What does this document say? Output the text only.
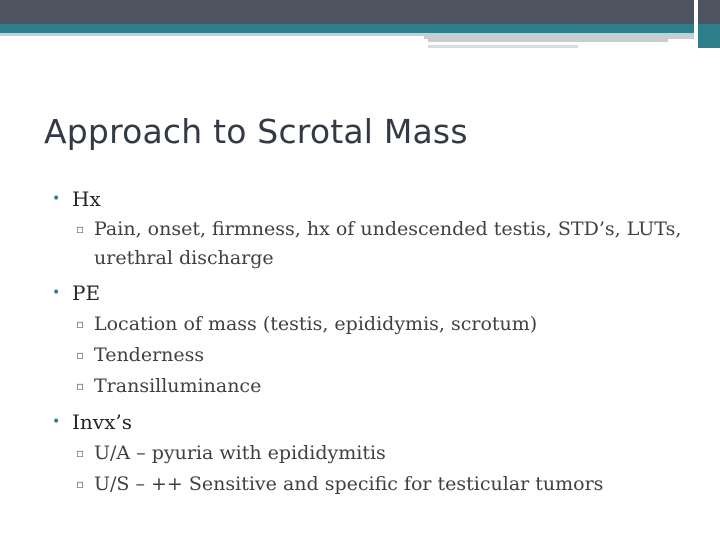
Approach to Scrotal Mass
• Hx
▫ Pain, onset, firmness, hx of undescended testis, STD’s, LUTs, urethral discharge
• PE
▫ Location of mass (testis, epididymis, scrotum)
▫ Tenderness
▫ Transilluminance
• Invx’s
▫ U/A – pyuria with epididymitis
▫ U/S – ++ Sensitive and specific for testicular tumors
